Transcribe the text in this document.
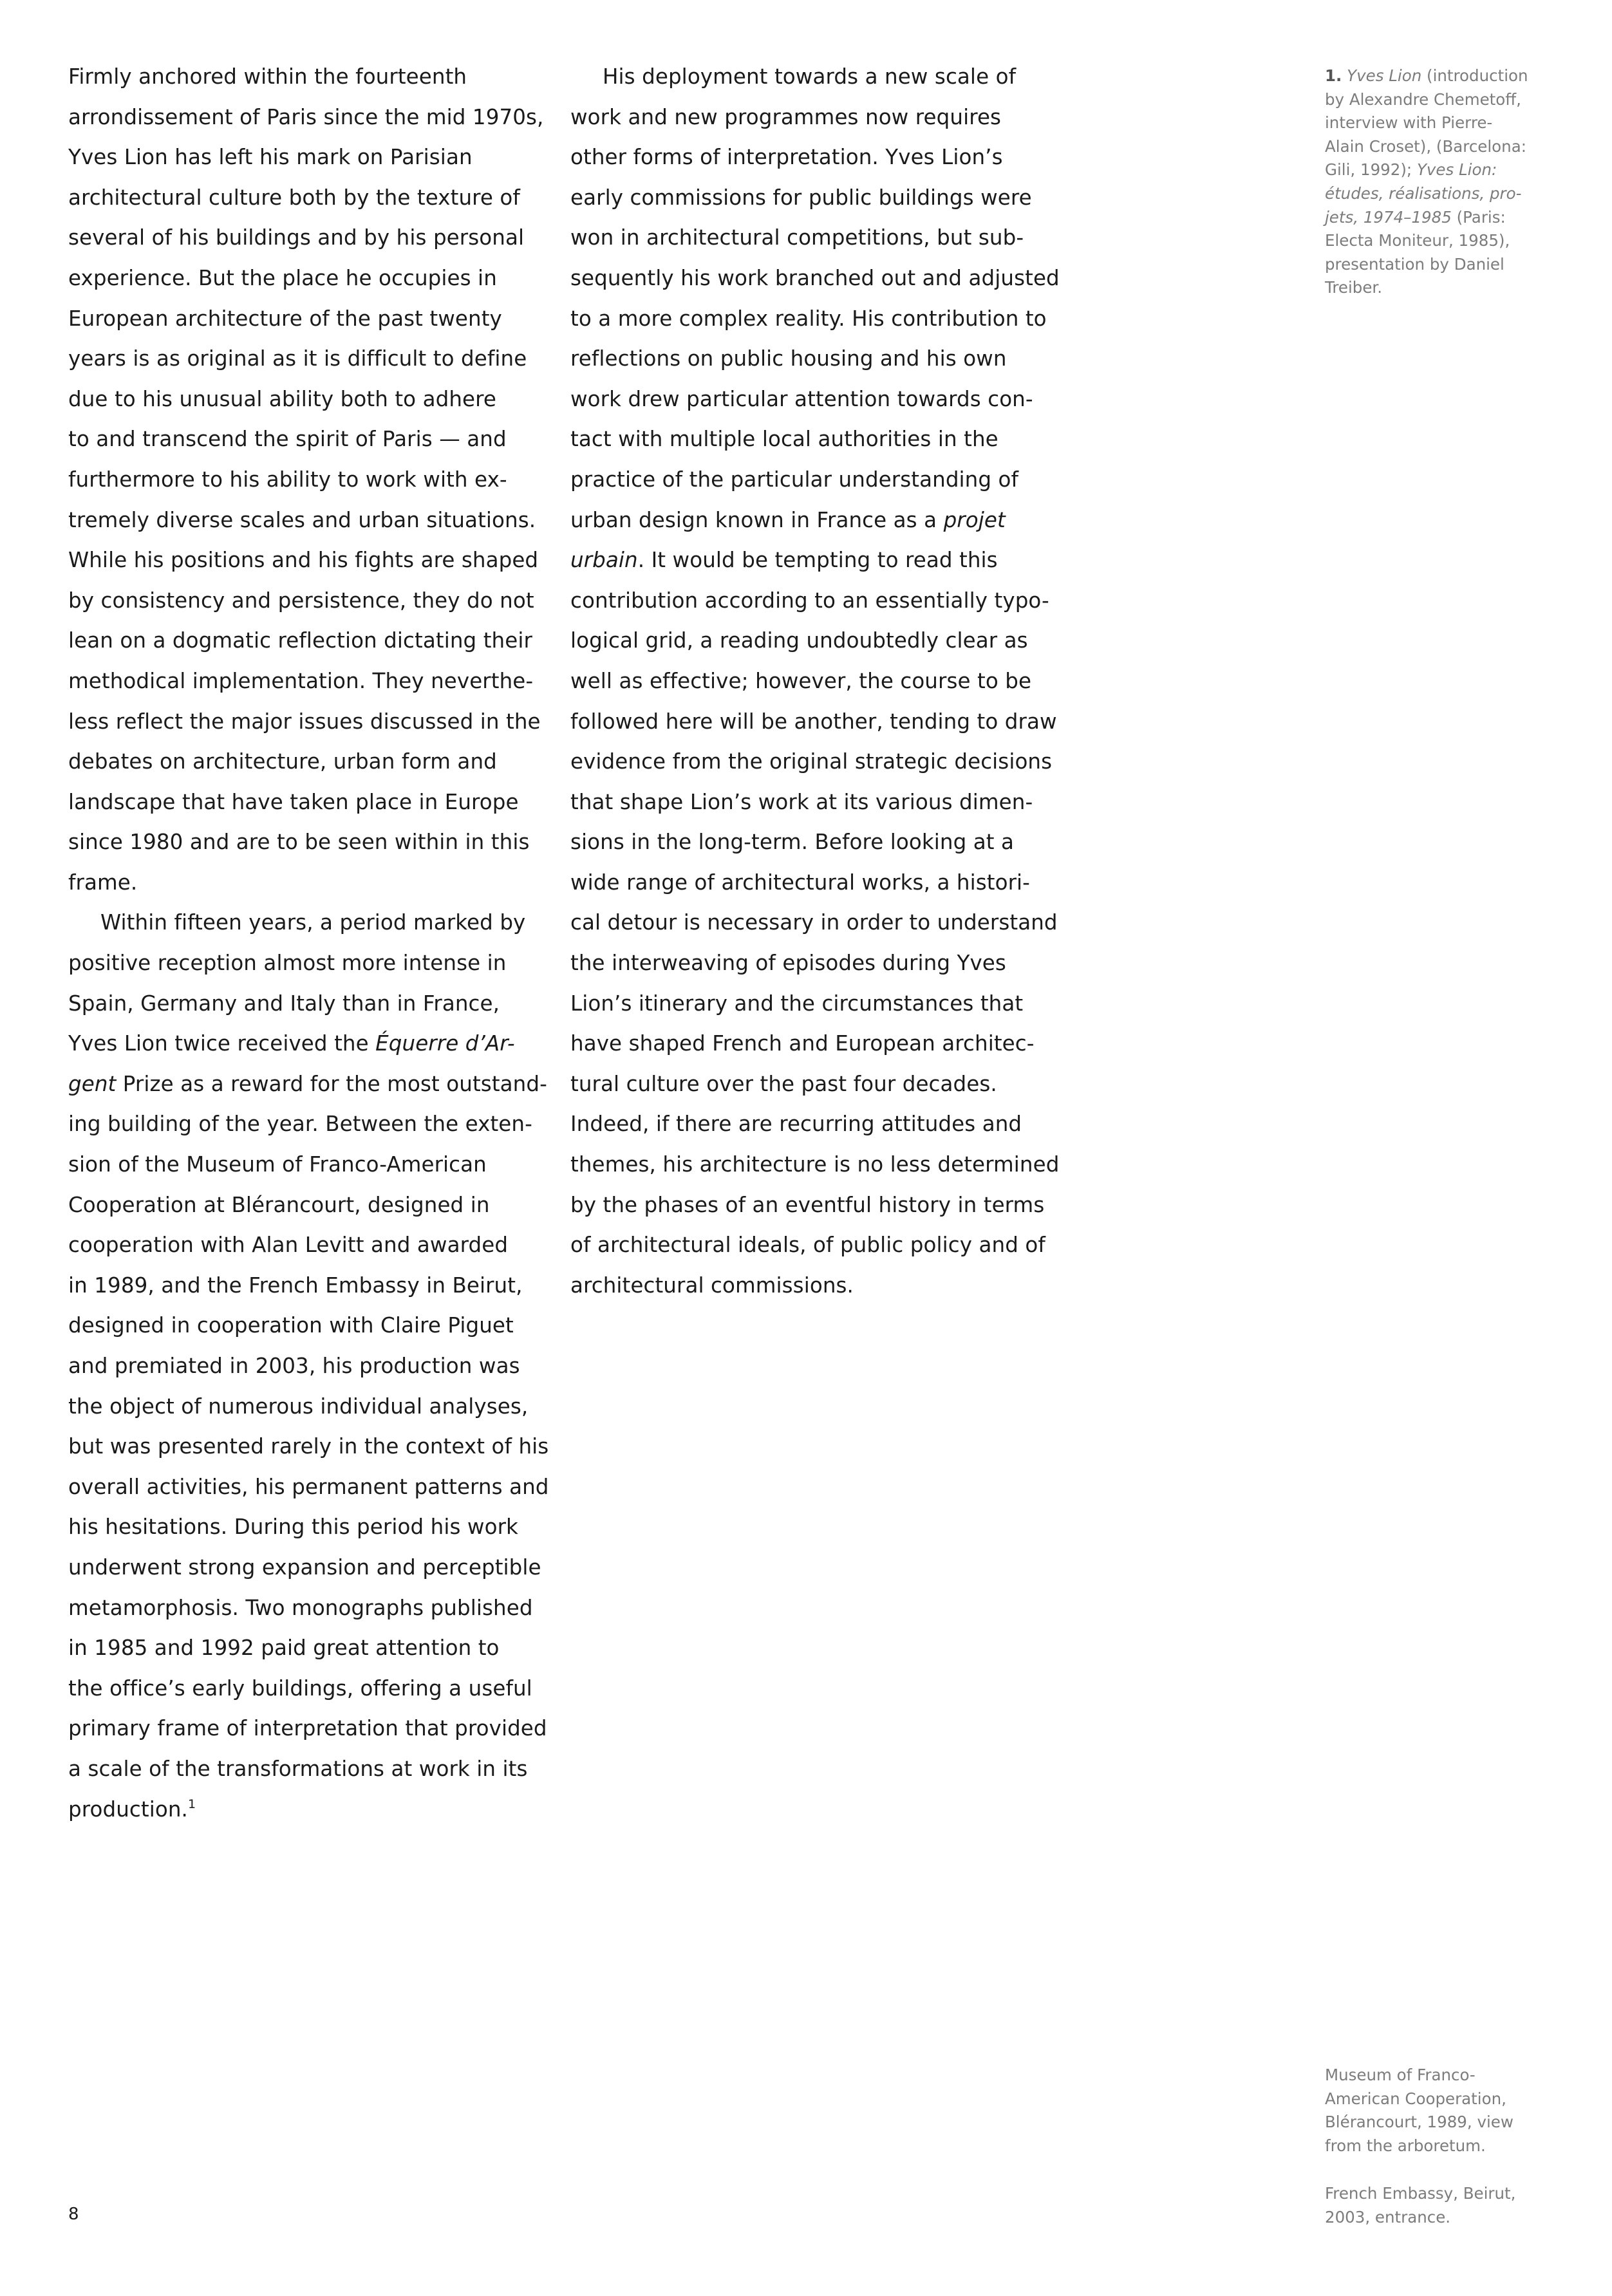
Firmly anchored within the fourteenth
arrondissement of Paris since the mid 1970s,
Yves Lion has left his mark on Parisian
architectural culture both by the texture of
several of his buildings and by his personal
experience. But the place he occupies in
European architecture of the past twenty
years is as original as it is difficult to define
due to his unusual ability both to adhere
to and transcend the spirit of Paris — and
furthermore to his ability to work with ex-
tremely diverse scales and urban situations.
While his positions and his fights are shaped
by consistency and persistence, they do not
lean on a dogmatic reflection dictating their
methodical implementation. They neverthe-
less reflect the major issues discussed in the
debates on architecture, urban form and
landscape that have taken place in Europe
since 1980 and are to be seen within in this
frame.

Within fifteen years, a period marked by
positive reception almost more intense in
Spain, Germany and Italy than in France,
Yves Lion twice received the Équerre d’Ar-
gent Prize as a reward for the most outstand-
ing building of the year. Between the exten-
sion of the Museum of Franco-American
Cooperation at Blérancourt, designed in
cooperation with Alan Levitt and awarded
in 1989, and the French Embassy in Beirut,
designed in cooperation with Claire Piguet
and premiated in 2003, his production was
the object of numerous individual analyses,
but was presented rarely in the context of his
overall activities, his permanent patterns and
his hesitations. During this period his work
underwent strong expansion and perceptible
metamorphosis. Two monographs published
in 1985 and 1992 paid great attention to
the office’s early buildings, offering a useful
primary frame of interpretation that provided
a scale of the transformations at work in its
production.$^1$

His deployment towards a new scale of
work and new programmes now requires
other forms of interpretation. Yves Lion’s
early commissions for public buildings were
won in architectural competitions, but sub-
sequently his work branched out and adjusted
to a more complex reality. His contribution to
reflections on public housing and his own
work drew particular attention towards con-
tact with multiple local authorities in the
practice of the particular understanding of
urban design known in France as a projet
urbain. It would be tempting to read this
contribution according to an essentially typo-
logical grid, a reading undoubtedly clear as
well as effective; however, the course to be
followed here will be another, tending to draw
evidence from the original strategic decisions
that shape Lion’s work at its various dimen-
sions in the long-term. Before looking at a
wide range of architectural works, a histori-
cal detour is necessary in order to understand
the interweaving of episodes during Yves
Lion’s itinerary and the circumstances that
have shaped French and European architec-
tural culture over the past four decades.
Indeed, if there are recurring attitudes and
themes, his architecture is no less determined
by the phases of an eventful history in terms
of architectural ideals, of public policy and of
architectural commissions.

1. Yves Lion (introduction
by Alexandre Chemetoff,
interview with Pierre-
Alain Croset), (Barcelona:
Gili, 1992); Yves Lion:
études, réalisations, pro-
jets, 1974–1985 (Paris:
Electa Moniteur, 1985),
presentation by Daniel
Treiber.
Museum of Franco-
American Cooperation,
Blérancourt, 1989, view
from the arboretum.
French Embassy, Beirut,
2003, entrance.
8
